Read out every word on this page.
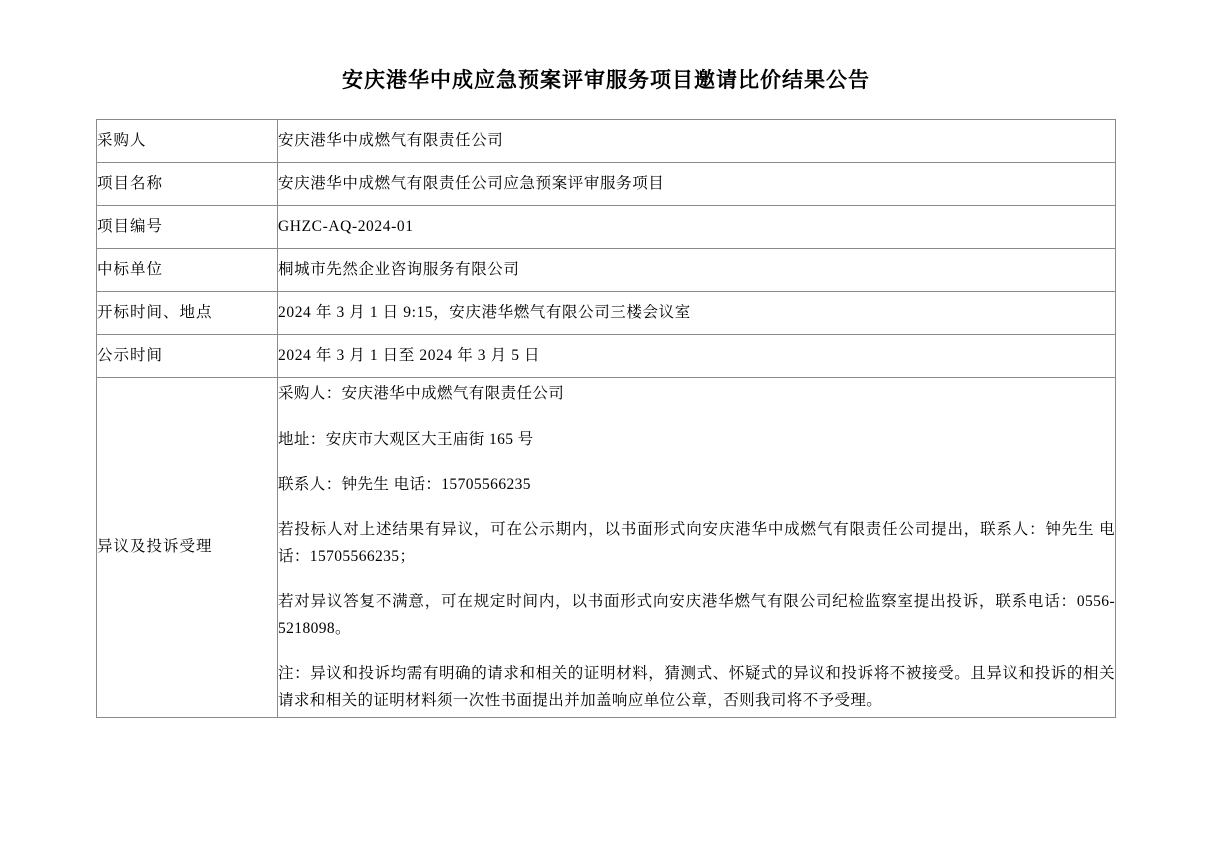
安庆港华中成应急预案评审服务项目邀请比价结果公告
采购人	安庆港华中成燃气有限责任公司
项目名称	安庆港华中成燃气有限责任公司应急预案评审服务项目
项目编号	GHZC-AQ-2024-01
中标单位	桐城市先然企业咨询服务有限公司
开标时间、地点	2024 年 3 月 1 日 9:15，安庆港华燃气有限公司三楼会议室
公示时间	2024 年 3 月 1 日至 2024 年 3 月 5 日
异议及投诉受理	

采购人：安庆港华中成燃气有限责任公司

地址：安庆市大观区大王庙街 165 号

联系人：钟先生 电话：15705566235

若投标人对上述结果有异议，可在公示期内，以书面形式向安庆港华中成燃气有限责任公司提出，联系人：钟先生 电话：15705566235；

若对异议答复不满意，可在规定时间内，以书面形式向安庆港华燃气有限公司纪检监察室提出投诉，联系电话：0556-5218098。

注：异议和投诉均需有明确的请求和相关的证明材料，猜测式、怀疑式的异议和投诉将不被接受。且异议和投诉的相关请求和相关的证明材料须一次性书面提出并加盖响应单位公章，否则我司将不予受理。
